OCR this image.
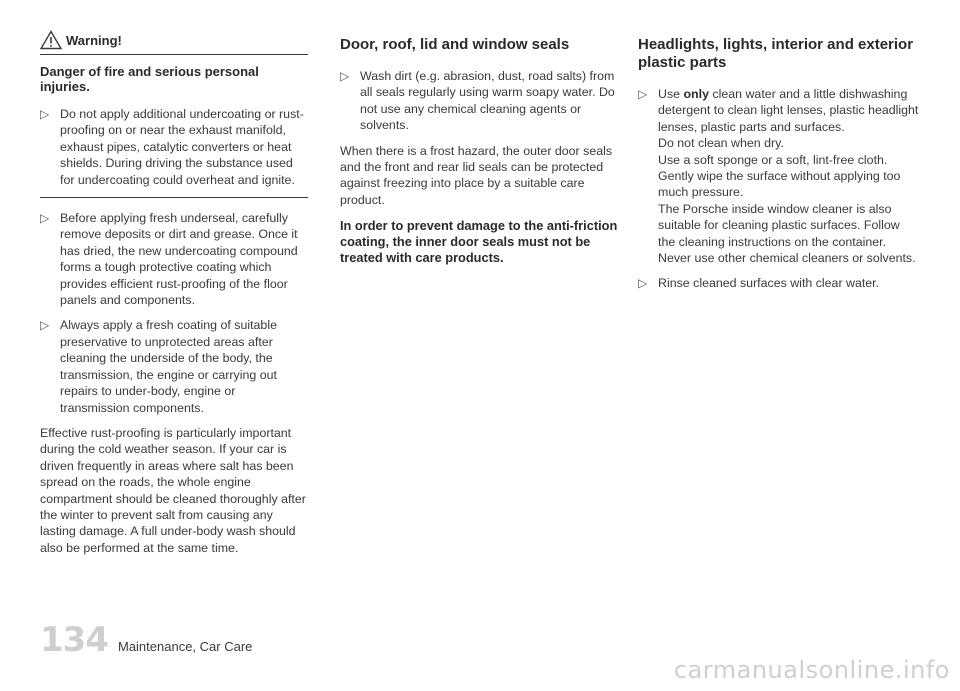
Warning!
Danger of fire and serious personal injuries.
▷ Do not apply additional undercoating or rust-proofing on or near the exhaust manifold, exhaust pipes, catalytic converters or heat shields. During driving the substance used for undercoating could overheat and ignite.
▷ Before applying fresh underseal, carefully remove deposits or dirt and grease. Once it has dried, the new undercoating compound forms a tough protective coating which provides efficient rust-proofing of the floor panels and components.
▷ Always apply a fresh coating of suitable preservative to unprotected areas after cleaning the underside of the body, the transmission, the engine or carrying out repairs to under-body, engine or transmission components.

Effective rust-proofing is particularly important during the cold weather season. If your car is driven frequently in areas where salt has been spread on the roads, the whole engine compartment should be cleaned thoroughly after the winter to prevent salt from causing any lasting damage. A full under-body wash should also be performed at the same time.

Door, roof, lid and window seals
▷ Wash dirt (e.g. abrasion, dust, road salts) from all seals regularly using warm soapy water. Do not use any chemical cleaning agents or solvents.

When there is a frost hazard, the outer door seals and the front and rear lid seals can be protected against freezing into place by a suitable care product.

In order to prevent damage to the anti-friction coating, the inner door seals must not be treated with care products.

Headlights, lights, interior and exterior plastic parts
▷ Use only clean water and a little dishwashing detergent to clean light lenses, plastic headlight lenses, plastic parts and surfaces.
Do not clean when dry.
Use a soft sponge or a soft, lint-free cloth. Gently wipe the surface without applying too much pressure.
The Porsche inside window cleaner is also suitable for cleaning plastic surfaces. Follow the cleaning instructions on the container.
Never use other chemical cleaners or solvents.
▷ Rinse cleaned surfaces with clear water.
134 Maintenance, Car Care
carmanualsonline.info
